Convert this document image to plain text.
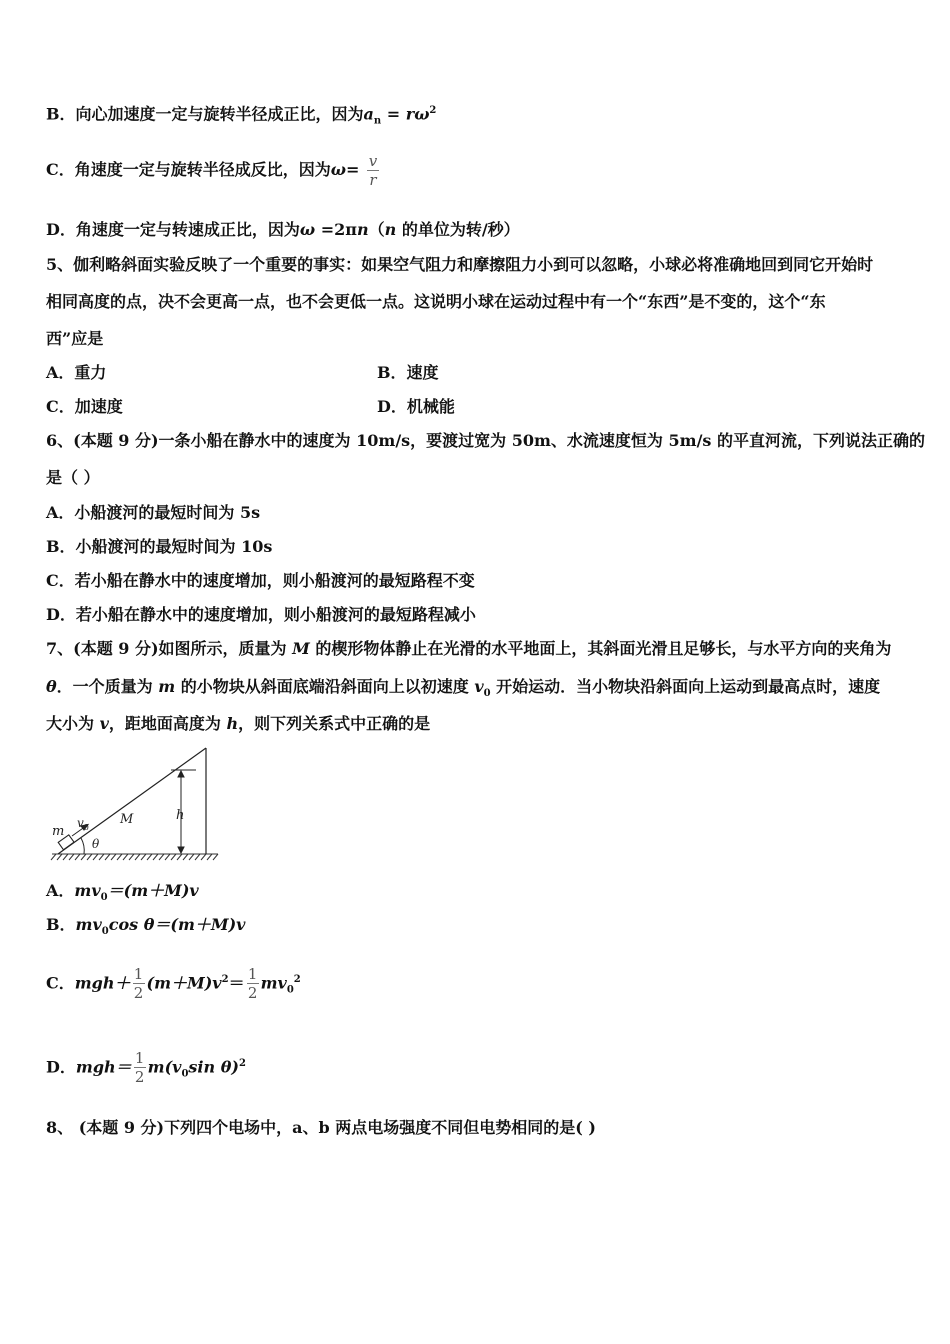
B．向心加速度一定与旋转半径成正比，因为$a_n = r\omega^2$
C．角速度一定与旋转半径成反比，因为$\omega= \frac{v}{r}$
D．角速度一定与转速成正比，因为ω =2πn（n 的单位为转/秒）
5、伽利略斜面实验反映了一个重要的事实：如果空气阻力和摩擦阻力小到可以忽略，小球必将准确地回到同它开始时
相同高度的点，决不会更高一点，也不会更低一点。这说明小球在运动过程中有一个“东西”是不变的，这个“东
西”应是
A．重力	B．速度
C．加速度	D．机械能
6、(本题 9 分)一条小船在静水中的速度为 10m/s，要渡过宽为 50m、水流速度恒为 5m/s 的平直河流，下列说法正确的
是（ ）
A．小船渡河的最短时间为 5s
B．小船渡河的最短时间为 10s
C．若小船在静水中的速度增加，则小船渡河的最短路程不变
D．若小船在静水中的速度增加，则小船渡河的最短路程减小
7、(本题 9 分)如图所示，质量为 M 的楔形物体静止在光滑的水平地面上，其斜面光滑且足够长，与水平方向的夹角为
θ．一个质量为 m 的小物块从斜面底端沿斜面向上以初速度 $v_0$ 开始运动．当小物块沿斜面向上运动到最高点时，速度
大小为 v，距地面高度为 h，则下列关系式中正确的是
m
$v_0$
M	h
θ
A．$mv_0=(m+M)v$
B．$mv_0\cos$ θ＝(m＋M)v
C．$mgh+ \frac{1}{2} (m+M)v^2= \frac{1}{2} mv_0^2$
D．$mgh= \frac{1}{2} m(v_0\sin$ θ)$^2$
8、 (本题 9 分)下列四个电场中，a、b 两点电场强度不同但电势相同的是( )
